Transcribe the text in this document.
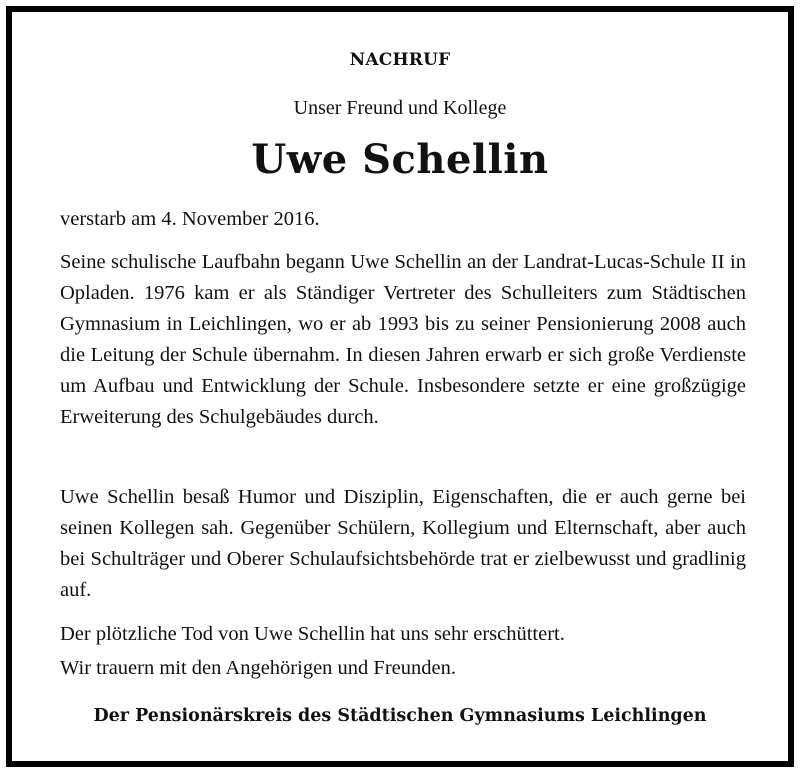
NACHRUF
Unser Freund und Kollege
Uwe Schellin

verstarb am 4. November 2016.

Seine schulische Laufbahn begann Uwe Schellin an der Landrat-Lucas-Schule II in Opladen. 1976 kam er als Ständiger Vertreter des Schulleiters zum Städtischen Gymnasium in Leichlingen, wo er ab 1993 bis zu seiner Pensionierung 2008 auch die Leitung der Schule übernahm. In diesen Jahren erwarb er sich große Verdienste um Aufbau und Entwicklung der Schule. Insbesondere setzte er eine großzügige Erweiterung des Schulgebäudes durch.

Uwe Schellin besaß Humor und Disziplin, Eigenschaften, die er auch gerne bei seinen Kollegen sah. Gegenüber Schülern, Kollegium und Elternschaft, aber auch bei Schulträger und Oberer Schulaufsichtsbehörde trat er zielbewusst und gradlinig auf.

Der plötzliche Tod von Uwe Schellin hat uns sehr erschüttert.

Wir trauern mit den Angehörigen und Freunden.

Der Pensionärskreis des Städtischen Gymnasiums Leichlingen
